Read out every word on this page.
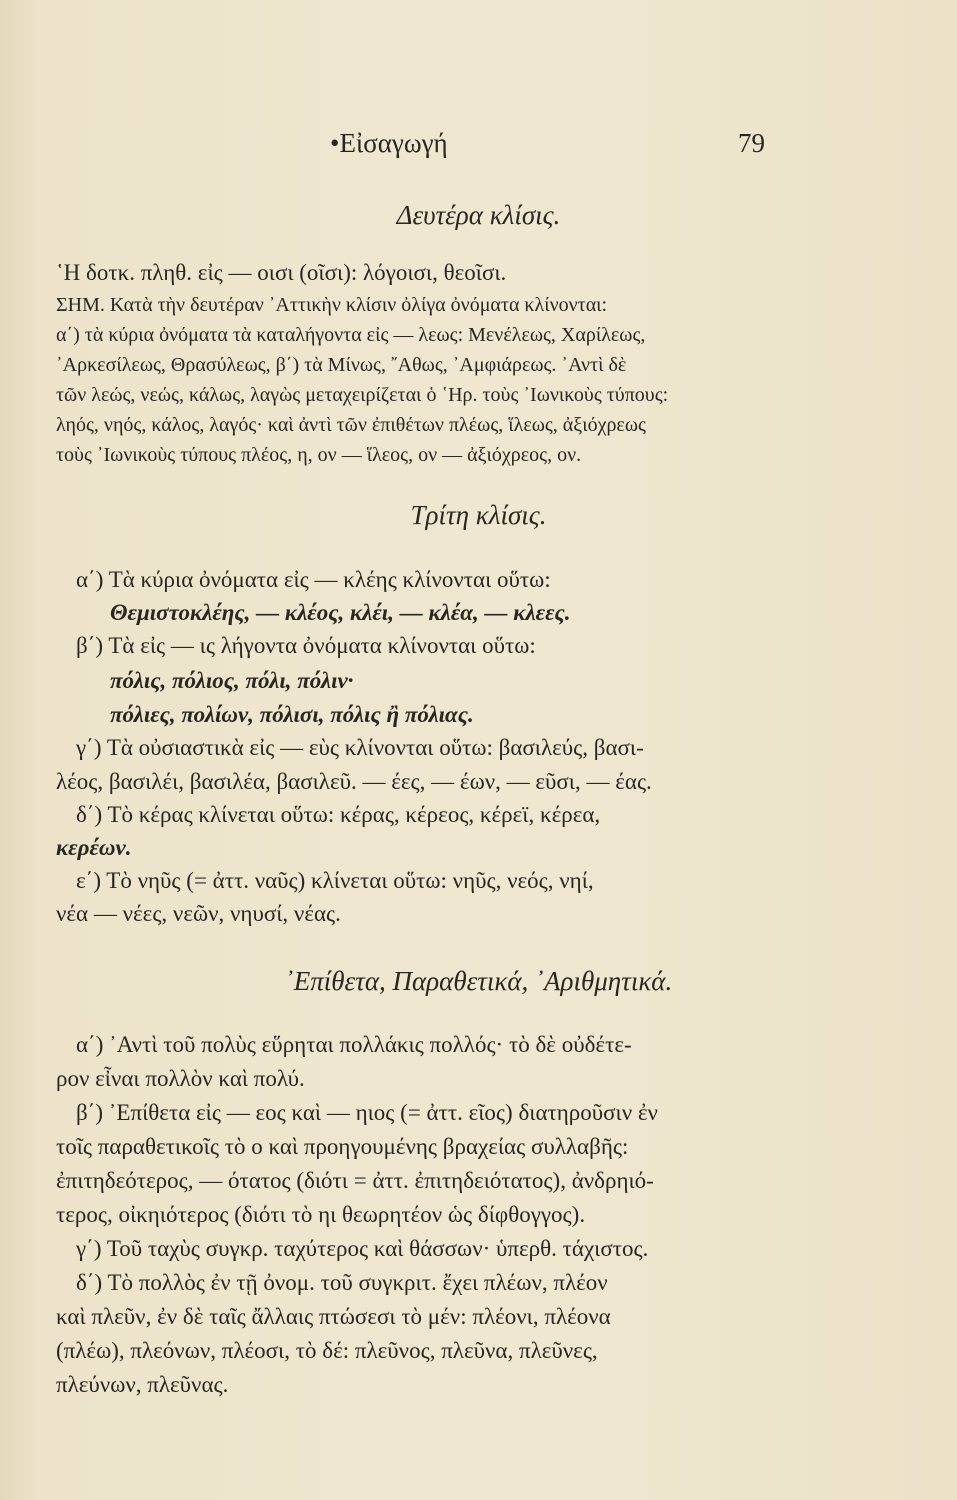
•Εἰσαγωγή	79
Δευτέρα κλίσις.
῾Η δοτκ. πληθ. εἰς — οισι (οῖσι): λόγοισι, θεοῖσι.
ΣΗΜ. Κατὰ τὴν δευτέραν ᾿Αττικὴν κλίσιν ὀλίγα ὀνόματα κλίνονται:
α΄) τὰ κύρια ὀνόματα τὰ καταλήγοντα εἰς — λεως: Μενέλεως, Χαρίλεως,
᾿Αρκεσίλεως, Θρασύλεως, β΄) τὰ Μίνως, ῎Αθως, ᾿Αμφιάρεως. ᾿Αντὶ δὲ
τῶν λεώς, νεώς, κάλως, λαγὼς μεταχειρίζεται ὁ ῾Ηρ. τοὺς ᾿Ιωνικοὺς τύπους:
ληός, νηός, κάλος, λαγός· καὶ ἀντὶ τῶν ἐπιθέτων πλέως, ἵλεως, ἀξιόχρεως
τοὺς ᾿Ιωνικοὺς τύπους πλέος, η, ον — ἵλεος, ον — ἀξιόχρεος, ον.
Τρίτη κλίσις.
α΄) Τὰ κύρια ὀνόματα εἰς — κλέης κλίνονται οὕτω:
Θεμιστοκλέης, — κλέος, κλέι, — κλέα, — κλεες.
β΄) Τὰ εἰς — ις λήγοντα ὀνόματα κλίνονται οὕτω:
πόλις, πόλιος, πόλι, πόλιν·
πόλιες, πολίων, πόλισι, πόλις ἢ πόλιας.
γ΄) Τὰ οὐσιαστικὰ εἰς — εὺς κλίνονται οὕτω: βασιλεύς, βασι-
λέος, βασιλέι, βασιλέα, βασιλεῦ. — έες, — έων, — εῦσι, — έας.
δ΄) Τὸ κέρας κλίνεται οὕτω: κέρας, κέρεος, κέρεϊ, κέρεα,
κερέων.
ε΄) Τὸ νηῦς (= ἀττ. ναῦς) κλίνεται οὕτω: νηῦς, νεός, νηί,
νέα — νέες, νεῶν, νηυσί, νέας.
᾿Επίθετα, Παραθετικά, ᾿Αριθμητικά.
α΄) ᾿Αντὶ τοῦ πολὺς εὕρηται πολλάκις πολλός· τὸ δὲ οὐδέτε-
ρον εἶναι πολλὸν καὶ πολύ.
β΄) ᾿Επίθετα εἰς — εος καὶ — ηιος (= ἀττ. εῖος) διατηροῦσιν ἐν
τοῖς παραθετικοῖς τὸ ο καὶ προηγουμένης βραχείας συλλαβῆς:
ἐπιτηδεότερος, — ότατος (διότι = ἀττ. ἐπιτηδειότατος), ἀνδρηιό-
τερος, οἰκηιότερος (διότι τὸ ηι θεωρητέον ὡς δίφθογγος).
γ΄) Τοῦ ταχὺς συγκρ. ταχύτερος καὶ θάσσων· ὑπερθ. τάχιστος.
δ΄) Τὸ πολλὸς ἐν τῇ ὀνομ. τοῦ συγκριτ. ἔχει πλέων, πλέον
καὶ πλεῦν, ἐν δὲ ταῖς ἄλλαις πτώσεσι τὸ μέν: πλέονι, πλέονα
(πλέω), πλεόνων, πλέοσι, τὸ δέ: πλεῦνος, πλεῦνα, πλεῦνες,
πλεύνων, πλεῦνας.
